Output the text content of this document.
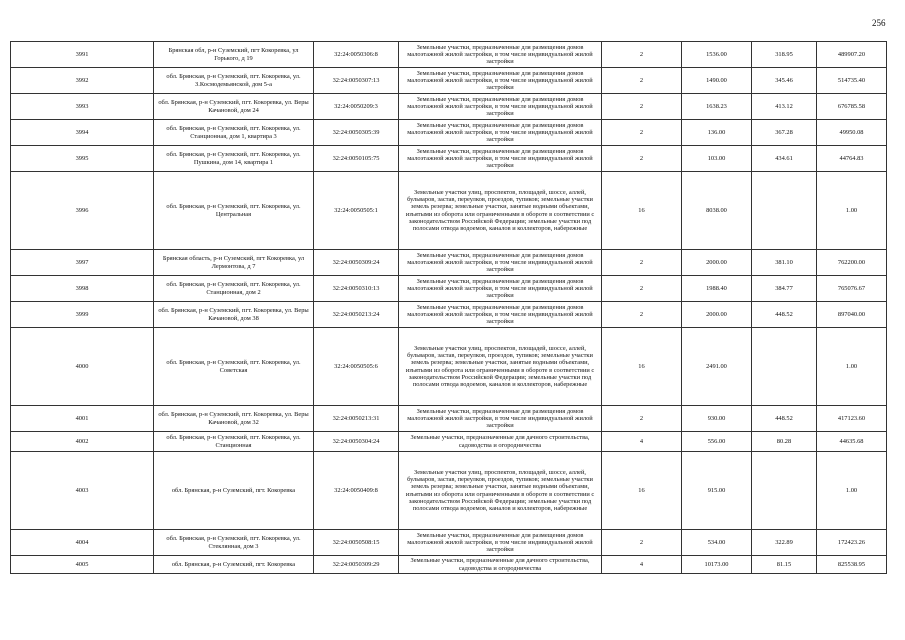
256
3991	Брянская обл, р-н Суземский, пгт Кокоревка, ул Горького, д 19	32:24:0050306:8	Земельные участки, предназначенные для размещения домов малоэтажной жилой застройки, в том числе индивидуальной жилой застройки	2	1536.00	318.95	489907.20
3992	обл. Брянская, р-н Суземский, пгт. Кокоревка, ул. З.Космодемьянской, дом 5-а	32:24:0050307:13	Земельные участки, предназначенные для размещения домов малоэтажной жилой застройки, в том числе индивидуальной жилой застройки	2	1490.00	345.46	514735.40
3993	обл. Брянская, р-н Суземский, пгт. Кокоревка, ул. Веры Качановой, дом 24	32:24:0050209:3	Земельные участки, предназначенные для размещения домов малоэтажной жилой застройки, в том числе индивидуальной жилой застройки	2	1638.23	413.12	676785.58
3994	обл. Брянская, р-н Суземский, пгт. Кокоревка, ул. Станционная, дом 1, квартира 3	32:24:0050305:39	Земельные участки, предназначенные для размещения домов малоэтажной жилой застройки, в том числе индивидуальной жилой застройки	2	136.00	367.28	49950.08
3995	обл. Брянская, р-н Суземский, пгт. Кокоревка, ул. Пушкина, дом 14, квартира 1	32:24:0050105:75	Земельные участки, предназначенные для размещения домов малоэтажной жилой застройки, в том числе индивидуальной жилой застройки	2	103.00	434.61	44764.83
3996	обл. Брянская, р-н Суземский, пгт. Кокоревка, ул. Центральная	32:24:0050505:1	Земельные участки улиц, проспектов, площадей, шоссе, аллей, бульваров, застав, переулков, проездов, тупиков; земельные участки земель резерва; земельные участки, занятые водными объектами, изъятыми из оборота или ограниченными в обороте в соответствии с законодательством Российской Федерации; земельные участки под полосами отвода водоемов, каналов и коллекторов, набережные	16	8038.00		1.00
3997	Брянская область, р-н Суземский, пгт Кокоревка, ул Лермонтова, д 7	32:24:0050309:24	Земельные участки, предназначенные для размещения домов малоэтажной жилой застройки, в том числе индивидуальной жилой застройки	2	2000.00	381.10	762200.00
3998	обл. Брянская, р-н Суземский, пгт. Кокоревка, ул. Станционная, дом 2	32:24:0050310:13	Земельные участки, предназначенные для размещения домов малоэтажной жилой застройки, в том числе индивидуальной жилой застройки	2	1988.40	384.77	765076.67
3999	обл. Брянская, р-н Суземский, пгт. Кокоревка, ул. Веры Качановой, дом 38	32:24:0050213:24	Земельные участки, предназначенные для размещения домов малоэтажной жилой застройки, в том числе индивидуальной жилой застройки	2	2000.00	448.52	897040.00
4000	обл. Брянская, р-н Суземский, пгт. Кокоревка, ул. Советская	32:24:0050505:6	Земельные участки улиц, проспектов, площадей, шоссе, аллей, бульваров, застав, переулков, проездов, тупиков; земельные участки земель резерва; земельные участки, занятые водными объектами, изъятыми из оборота или ограниченными в обороте в соответствии с законодательством Российской Федерации; земельные участки под полосами отвода водоемов, каналов и коллекторов, набережные	16	2491.00		1.00
4001	обл. Брянская, р-н Суземский, пгт. Кокоревка, ул. Веры Качановой, дом 32	32:24:0050213:31	Земельные участки, предназначенные для размещения домов малоэтажной жилой застройки, в том числе индивидуальной жилой застройки	2	930.00	448.52	417123.60
4002	обл. Брянская, р-н Суземский, пгт. Кокоревка, ул. Станционная	32:24:0050304:24	Земельные участки, предназначенные для дачного строительства, садоводства и огородничества	4	556.00	80.28	44635.68
4003	обл. Брянская, р-н Суземский, пгт. Кокоревка	32:24:0050409:8	Земельные участки улиц, проспектов, площадей, шоссе, аллей, бульваров, застав, переулков, проездов, тупиков; земельные участки земель резерва; земельные участки, занятые водными объектами, изъятыми из оборота или ограниченными в обороте в соответствии с законодательством Российской Федерации; земельные участки под полосами отвода водоемов, каналов и коллекторов, набережные	16	915.00		1.00
4004	обл. Брянская, р-н Суземский, пгт. Кокоревка, ул. Стеклянная, дом 3	32:24:0050508:15	Земельные участки, предназначенные для размещения домов малоэтажной жилой застройки, в том числе индивидуальной жилой застройки	2	534.00	322.89	172423.26
4005	обл. Брянская, р-н Суземский, пгт. Кокоревка	32:24:0050309:29	Земельные участки, предназначенные для дачного строительства, садоводства и огородничества	4	10173.00	81.15	825538.95
